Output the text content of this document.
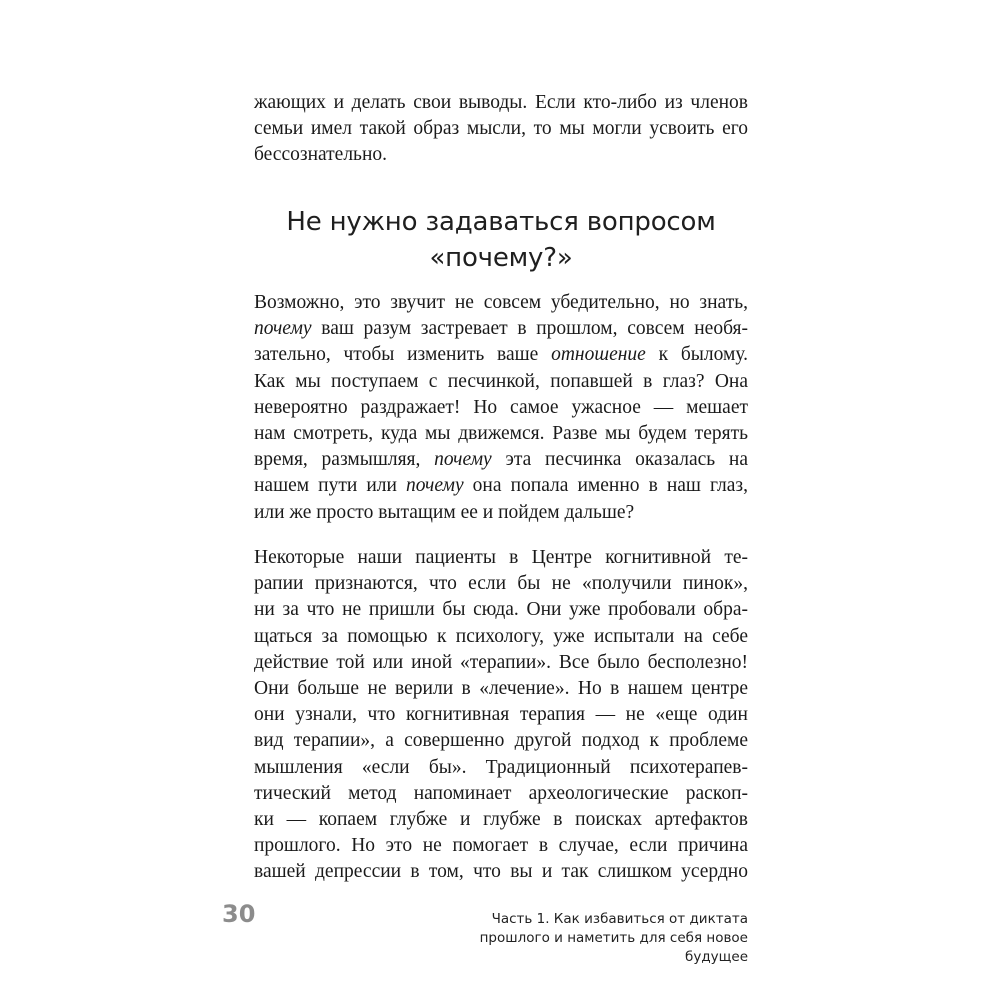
жающих и делать свои выводы. Если кто-либо из членов
семьи имел такой образ мысли, то мы могли усвоить его
бессознательно.
Не нужно задаваться вопросом
«почему?»
Возможно, это звучит не совсем убедительно, но знать,
почему ваш разум застревает в прошлом, совсем необя-
зательно, чтобы изменить ваше отношение к былому.
Как мы поступаем с песчинкой, попавшей в глаз? Она
невероятно раздражает! Но самое ужасное — мешает
нам смотреть, куда мы движемся. Разве мы будем терять
время, размышляя, почему эта песчинка оказалась на
нашем пути или почему она попала именно в наш глаз,
или же просто вытащим ее и пойдем дальше?
Некоторые наши пациенты в Центре когнитивной те-
рапии признаются, что если бы не «получили пинок»,
ни за что не пришли бы сюда. Они уже пробовали обра-
щаться за помощью к психологу, уже испытали на себе
действие той или иной «терапии». Все было бесполезно!
Они больше не верили в «лечение». Но в нашем центре
они узнали, что когнитивная терапия — не «еще один
вид терапии», а совершенно другой подход к проблеме
мышления «если бы». Традиционный психотерапев-
тический метод напоминает археологические раскоп-
ки — копаем глубже и глубже в поисках артефактов
прошлого. Но это не помогает в случае, если причина
вашей депрессии в том, что вы и так слишком усердно
30	Часть 1. Как избавиться от диктата
прошлого и наметить для себя новое будущее
